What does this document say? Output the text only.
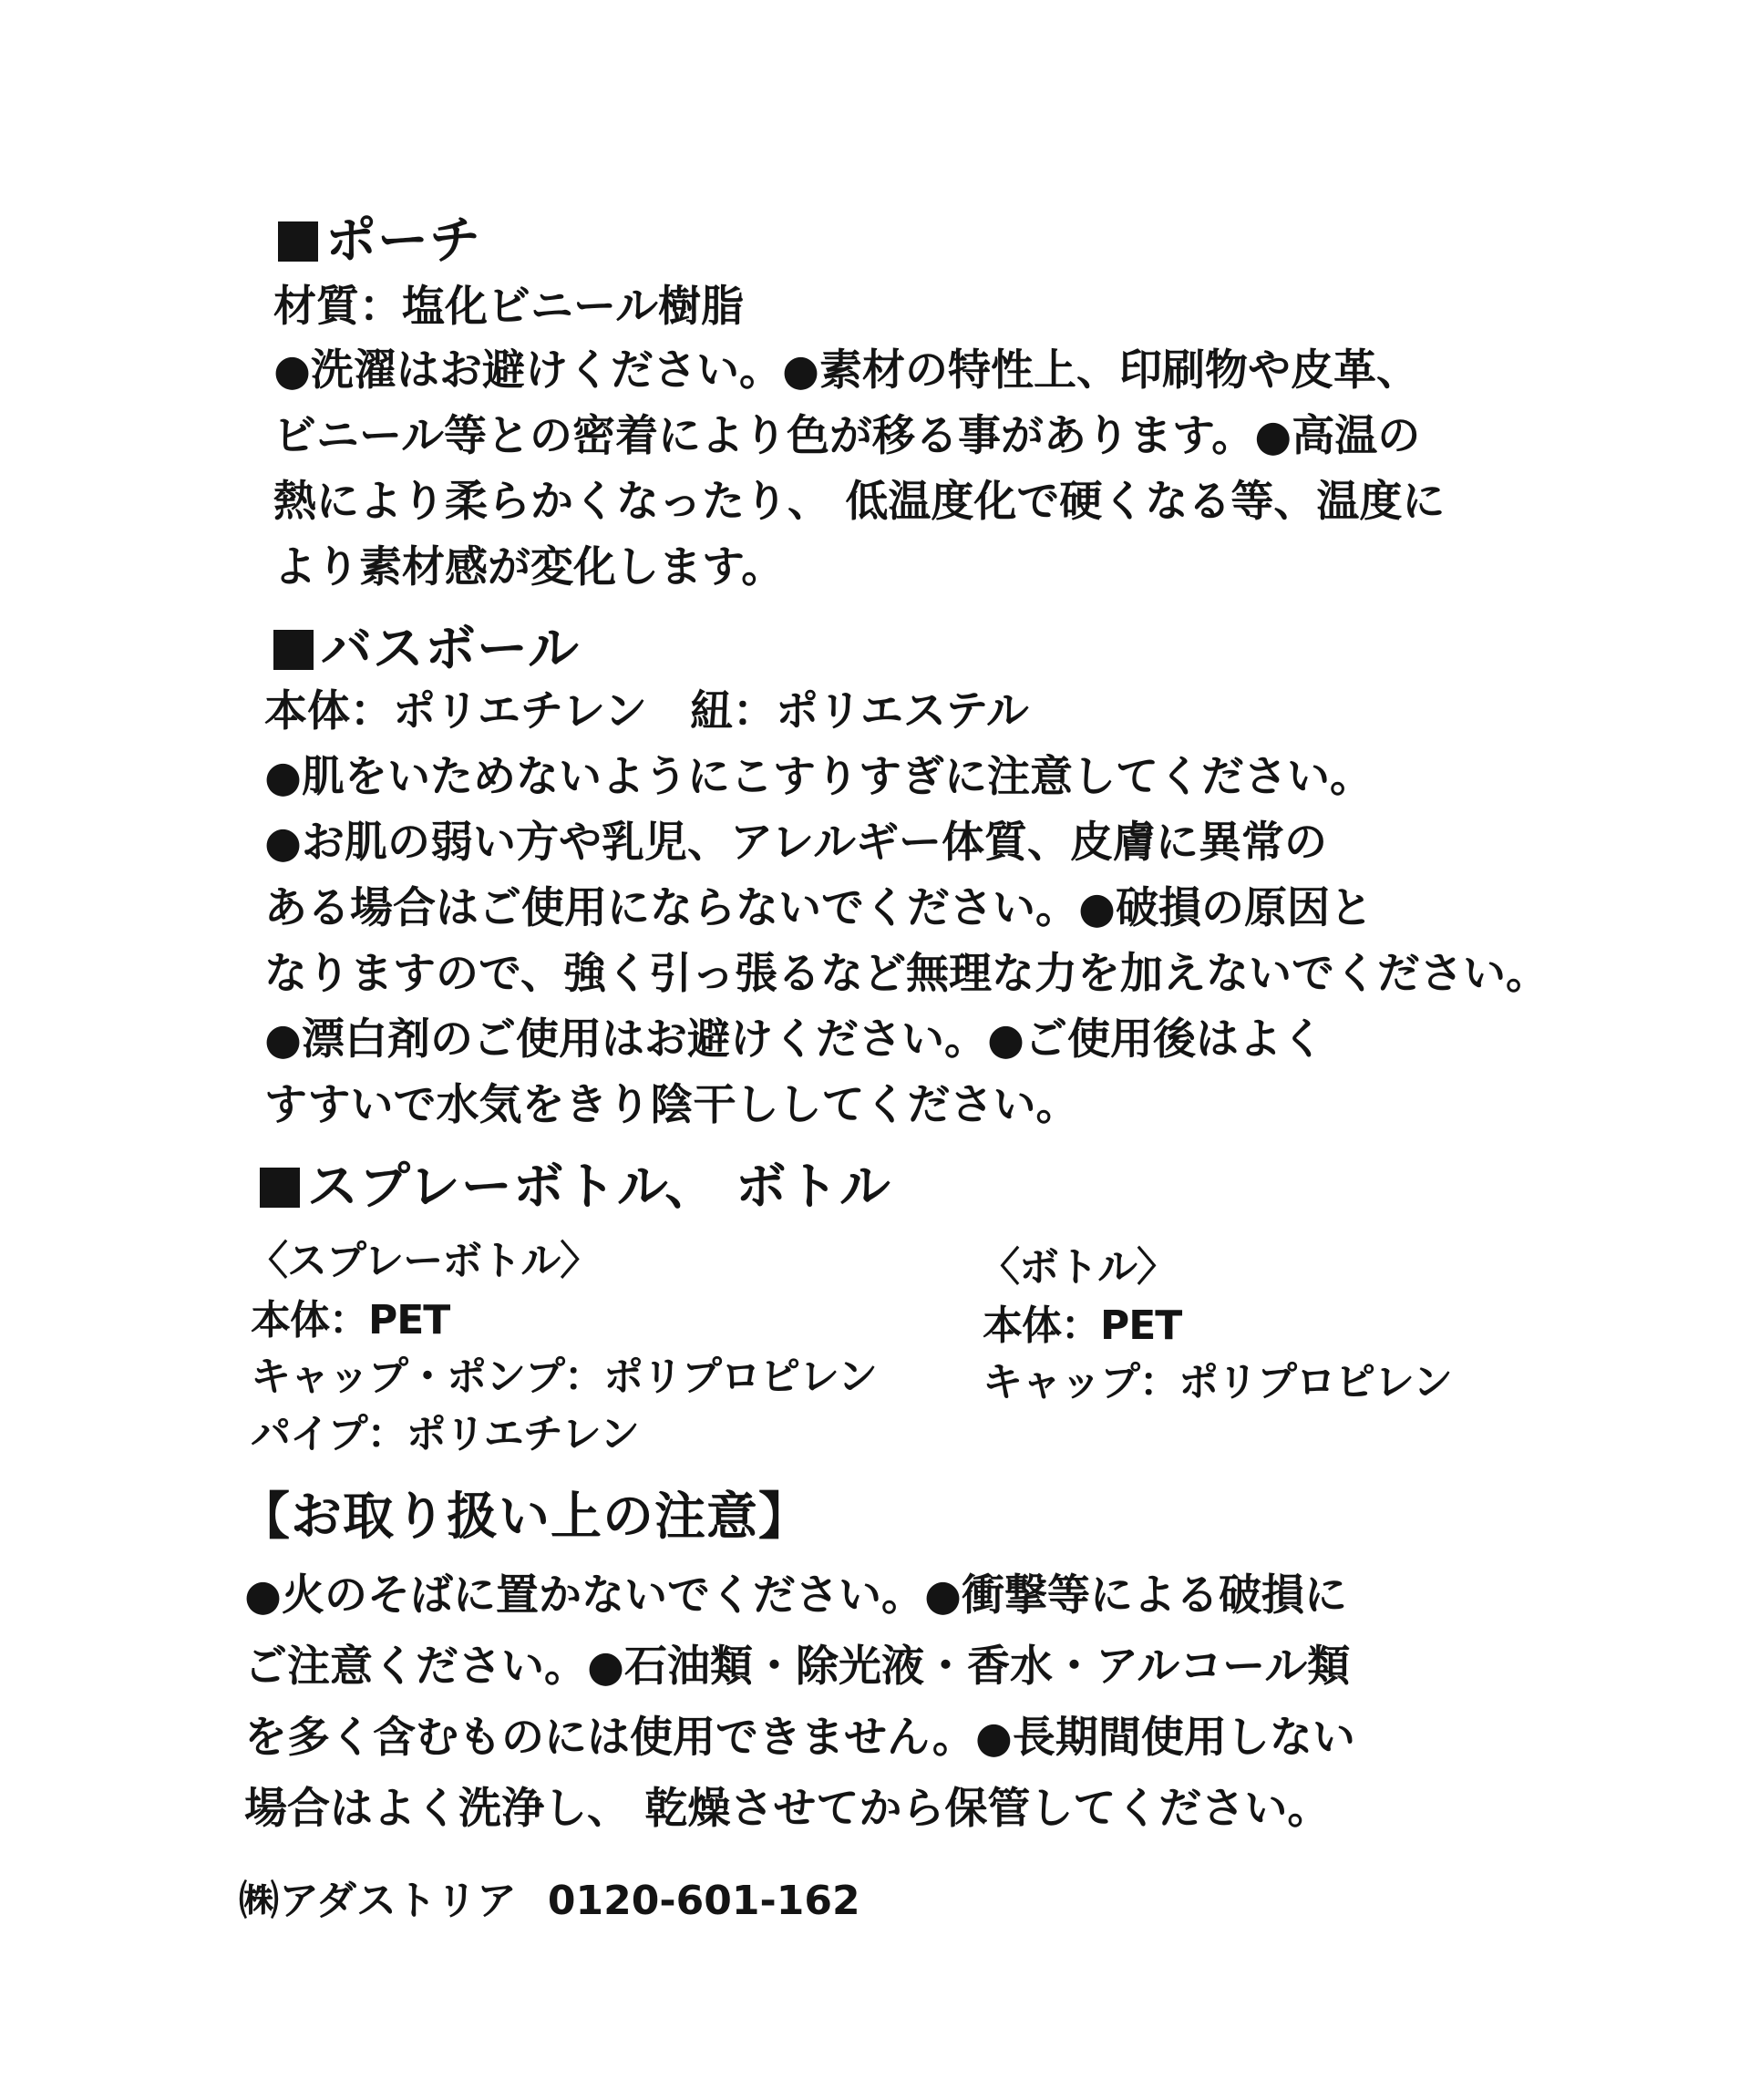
ポーチ
材質：塩化ビニール樹脂
●洗濯はお避けください。●素材の特性上、印刷物や皮革、
ビニール等との密着により色が移る事があります。●高温の
熱により柔らかくなったり、 低温度化で硬くなる等、温度に
より素材感が変化します。
バスボール
本体：ポリエチレン　紐：ポリエステル
●肌をいためないようにこすりすぎに注意してください。
●お肌の弱い方や乳児、アレルギー体質、皮膚に異常の
ある場合はご使用にならないでください。●破損の原因と
なりますので、強く引っ張るなど無理な力を加えないでください。
●漂白剤のご使用はお避けください。●ご使用後はよく
すすいで水気をきり陰干ししてください。
スプレーボトル、 ボトル
〈スプレーボトル〉
本体：PET
キャップ・ポンプ：ポリプロピレン
パイプ：ポリエチレン
〈ボトル〉
本体：PET
キャップ：ポリプロピレン
【お取り扱い上の注意】
●火のそばに置かないでください。●衝撃等による破損に
ご注意ください。●石油類・除光液・香水・アルコール類
を多く含むものには使用できません。●長期間使用しない
場合はよく洗浄し、 乾燥させてから保管してください。
㈱アダストリア 0120-601-162
